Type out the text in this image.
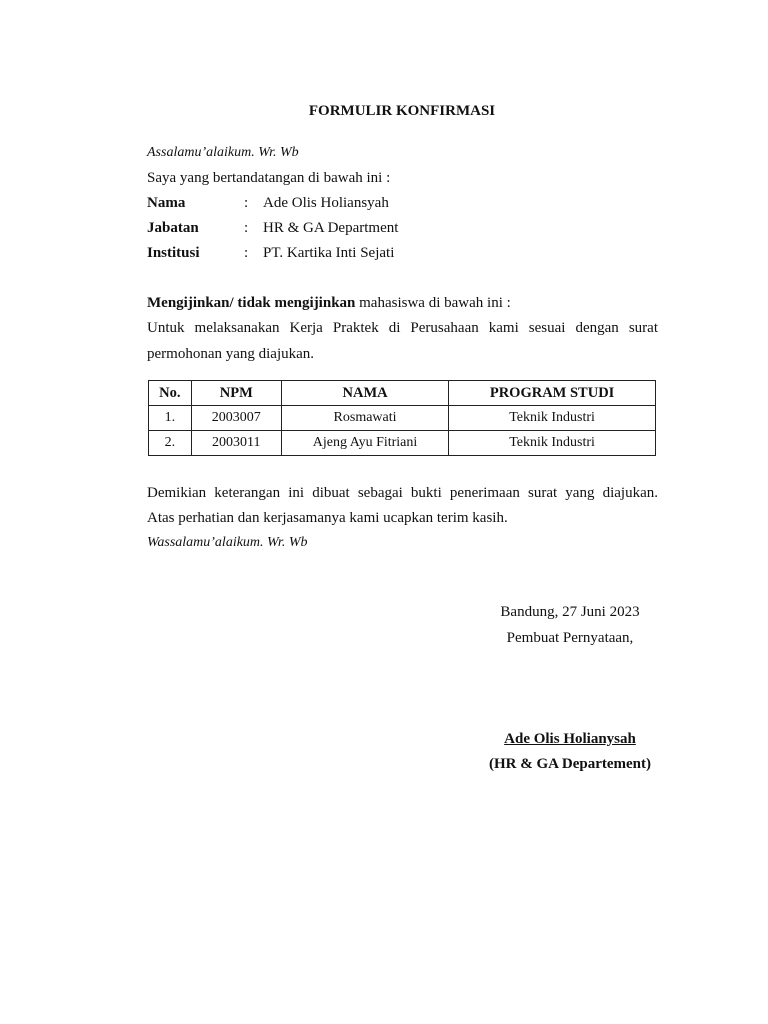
FORMULIR KONFIRMASI
Assalamu’alaikum. Wr. Wb
Saya yang bertandatangan di bawah ini :
Nama	: Ade Olis Holiansyah
Jabatan	: HR & GA Department
Institusi	: PT. Kartika Inti Sejati
Mengijinkan/ tidak mengijinkan mahasiswa di bawah ini :
Untuk melaksanakan Kerja Praktek di Perusahaan kami sesuai dengan surat
permohonan yang diajukan.
No.	NPM	NAMA	PROGRAM STUDI
1.	2003007	Rosmawati	Teknik Industri
2.	2003011	Ajeng Ayu Fitriani	Teknik Industri
Demikian keterangan ini dibuat sebagai bukti penerimaan surat yang diajukan.
Atas perhatian dan kerjasamanya kami ucapkan terim kasih.
Wassalamu’alaikum. Wr. Wb
Bandung, 27 Juni 2023
Pembuat Pernyataan,
Ade Olis Holianysah
(HR & GA Departement)
